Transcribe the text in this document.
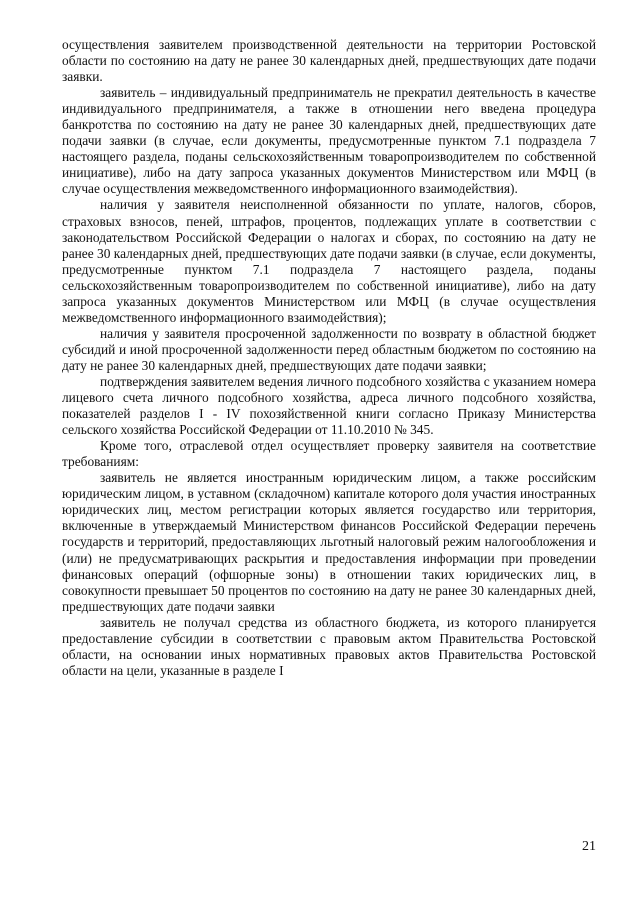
осуществления заявителем производственной деятельности на территории Ростовской области по состоянию на дату не ранее 30 календарных дней, предшествующих дате подачи заявки.

заявитель – индивидуальный предприниматель не прекратил деятельность в качестве индивидуального предпринимателя, а также в отношении него введена процедура банкротства по состоянию на дату не ранее 30 календарных дней, предшествующих дате подачи заявки (в случае, если документы, предусмотренные пунктом 7.1 подраздела 7 настоящего раздела, поданы сельскохозяйственным товаропроизводителем по собственной инициативе), либо на дату запроса указанных документов Министерством или МФЦ (в случае осуществления межведомственного информационного взаимодействия).

наличия у заявителя неисполненной обязанности по уплате, налогов, сборов, страховых взносов, пеней, штрафов, процентов, подлежащих уплате в соответствии с законодательством Российской Федерации о налогах и сборах, по состоянию на дату не ранее 30 календарных дней, предшествующих дате подачи заявки (в случае, если документы, предусмотренные пунктом 7.1 подраздела 7 настоящего раздела, поданы сельскохозяйственным товаропроизводителем по собственной инициативе), либо на дату запроса указанных документов Министерством или МФЦ (в случае осуществления межведомственного информационного взаимодействия);

наличия у заявителя просроченной задолженности по возврату в областной бюджет субсидий и иной просроченной задолженности перед областным бюджетом по состоянию на дату не ранее 30 календарных дней, предшествующих дате подачи заявки;

подтверждения заявителем ведения личного подсобного хозяйства с указанием номера лицевого счета личного подсобного хозяйства, адреса личного подсобного хозяйства, показателей разделов I - IV похозяйственной книги согласно Приказу Министерства сельского хозяйства Российской Федерации от 11.10.2010 № 345.

Кроме того, отраслевой отдел осуществляет проверку заявителя на соответствие требованиям:

заявитель не является иностранным юридическим лицом, а также российским юридическим лицом, в уставном (складочном) капитале которого доля участия иностранных юридических лиц, местом регистрации которых является государство или территория, включенные в утверждаемый Министерством финансов Российской Федерации перечень государств и территорий, предоставляющих льготный налоговый режим налогообложения и (или) не предусматривающих раскрытия и предоставления информации при проведении финансовых операций (офшорные зоны) в отношении таких юридических лиц, в совокупности превышает 50 процентов по состоянию на дату не ранее 30 календарных дней, предшествующих дате подачи заявки

заявитель не получал средства из областного бюджета, из которого планируется предоставление субсидии в соответствии с правовым актом Правительства Ростовской области, на основании иных нормативных правовых актов Правительства Ростовской области на цели, указанные в разделе I

21
